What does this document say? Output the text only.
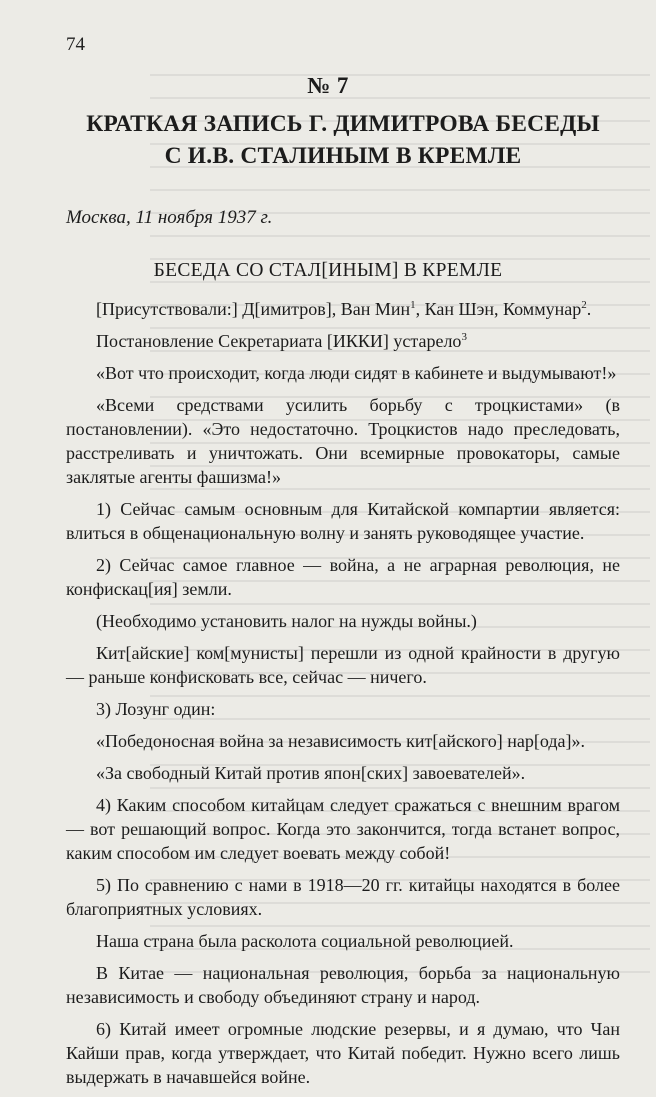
74
№ 7
КРАТКАЯ ЗАПИСЬ Г. ДИМИТРОВА БЕСЕДЫ
С И.В. СТАЛИНЫМ В КРЕМЛЕ
Москва, 11 ноября 1937 г.
БЕСЕДА СО СТАЛ[ИНЫМ] В КРЕМЛЕ

[Присутствовали:] Д[имитров], Ван Мин$^1$, Кан Шэн, Коммунар$^2$.

Постановление Секретариата [ИККИ] устарело$^3$

«Вот что происходит, когда люди сидят в кабинете и выдумывают!»

«Всеми средствами усилить борьбу с троцкистами» (в постановлении). «Это недостаточно. Троцкистов надо преследовать, расстреливать и уничтожать. Они всемирные провокаторы, самые заклятые агенты фашизма!»

1) Сейчас самым основным для Китайской компартии является: влиться в общенациональную волну и занять руководящее участие.

2) Сейчас самое главное — война, а не аграрная революция, не конфискац[ия] земли.

(Необходимо установить налог на нужды войны.)

Кит[айские] ком[мунисты] перешли из одной крайности в другую — раньше конфисковать все, сейчас — ничего.

3) Лозунг один:

«Победоносная война за независимость кит[айского] нар[ода]».

«За свободный Китай против япон[ских] завоевателей».

4) Каким способом китайцам следует сражаться с внешним врагом — вот решающий вопрос. Когда это закончится, тогда встанет вопрос, каким способом им следует воевать между собой!

5) По сравнению с нами в 1918—20 гг. китайцы находятся в более благоприятных условиях.

Наша страна была расколота социальной революцией.

В Китае — национальная революция, борьба за национальную независимость и свободу объединяют страну и народ.

6) Китай имеет огромные людские резервы, и я думаю, что Чан Кайши прав, когда утверждает, что Китай победит. Нужно всего лишь выдержать в начавшейся войне.
